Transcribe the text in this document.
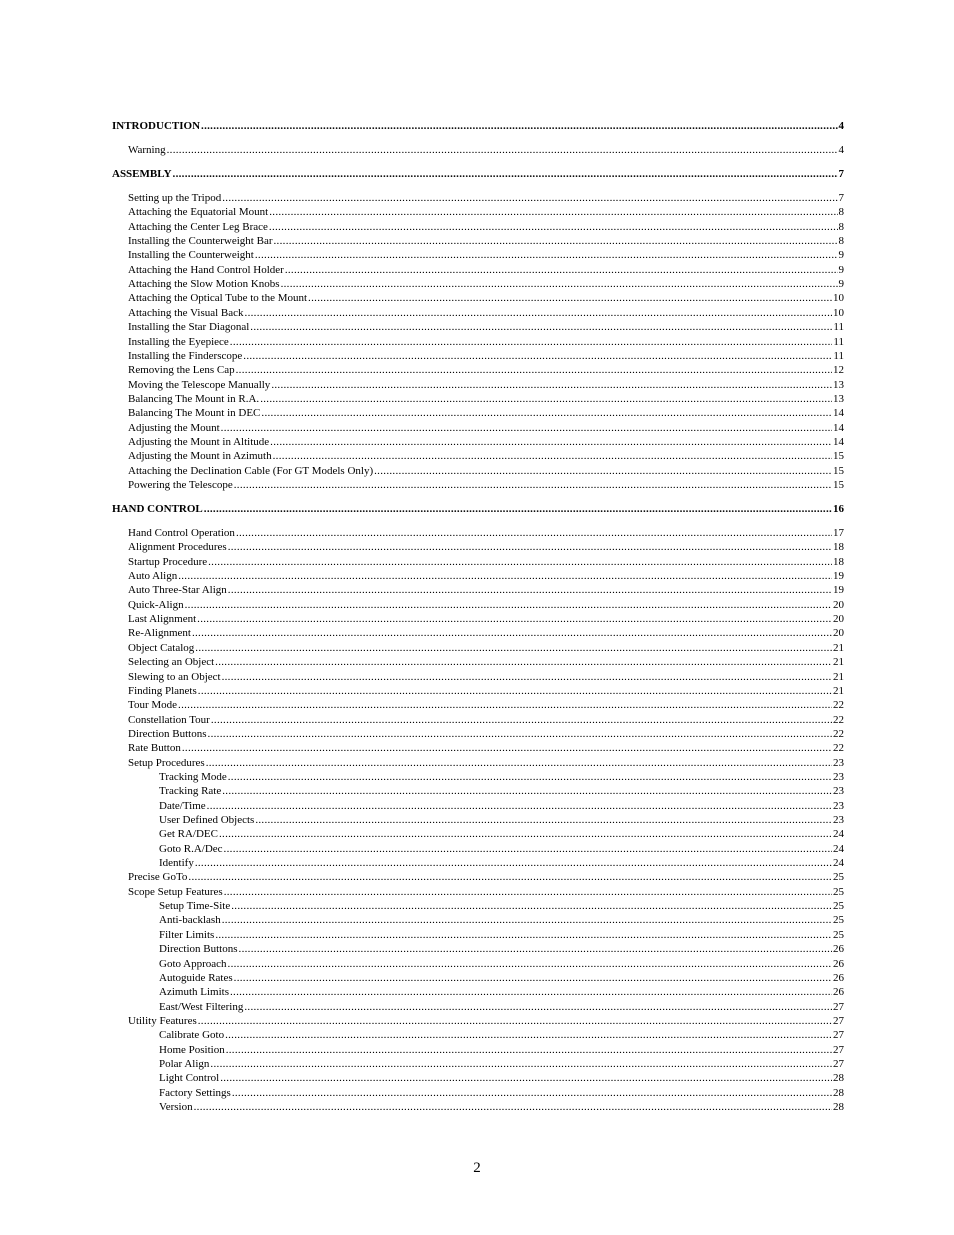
INTRODUCTION .....	4
Warning .....	4
ASSEMBLY .....	7
Setting up the Tripod .....	7
Attaching the Equatorial Mount .....	8
Attaching the Center Leg Brace .....	8
Installing the Counterweight Bar .....	8
Installing the Counterweight .....	9
Attaching the Hand Control Holder .....	9
Attaching the Slow Motion Knobs .....	9
Attaching the Optical Tube to the Mount .....	10
Attaching the Visual Back .....	10
Installing the Star Diagonal .....	11
Installing the Eyepiece .....	11
Installing the Finderscope .....	11
Removing the Lens Cap .....	12
Moving the Telescope Manually .....	13
Balancing The Mount in R.A. .....	13
Balancing The Mount in DEC .....	14
Adjusting the Mount .....	14
Adjusting the Mount in Altitude .....	14
Adjusting the Mount in Azimuth .....	15
Attaching the Declination Cable (For GT Models Only) .....	15
Powering the Telescope .....	15
HAND CONTROL .....	16
Hand Control Operation .....	17
Alignment Procedures .....	18
Startup Procedure .....	18
Auto Align .....	19
Auto Three-Star Align .....	19
Quick-Align .....	20
Last Alignment .....	20
Re-Alignment .....	20
Object Catalog .....	21
Selecting an Object .....	21
Slewing to an Object .....	21
Finding Planets .....	21
Tour Mode .....	22
Constellation Tour .....	22
Direction Buttons .....	22
Rate Button .....	22
Setup Procedures .....	23
Tracking Mode .....	23
Tracking Rate .....	23
Date/Time .....	23
User Defined Objects .....	23
Get RA/DEC .....	24
Goto R.A/Dec .....	24
Identify .....	24
Precise GoTo .....	25
Scope Setup Features .....	25
Setup Time-Site .....	25
Anti-backlash .....	25
Filter Limits .....	25
Direction Buttons .....	26
Goto Approach .....	26
Autoguide Rates .....	26
Azimuth Limits .....	26
East/West Filtering .....	27
Utility Features .....	27
Calibrate Goto .....	27
Home Position .....	27
Polar Align .....	27
Light Control .....	28
Factory Settings .....	28
Version .....	28
2
